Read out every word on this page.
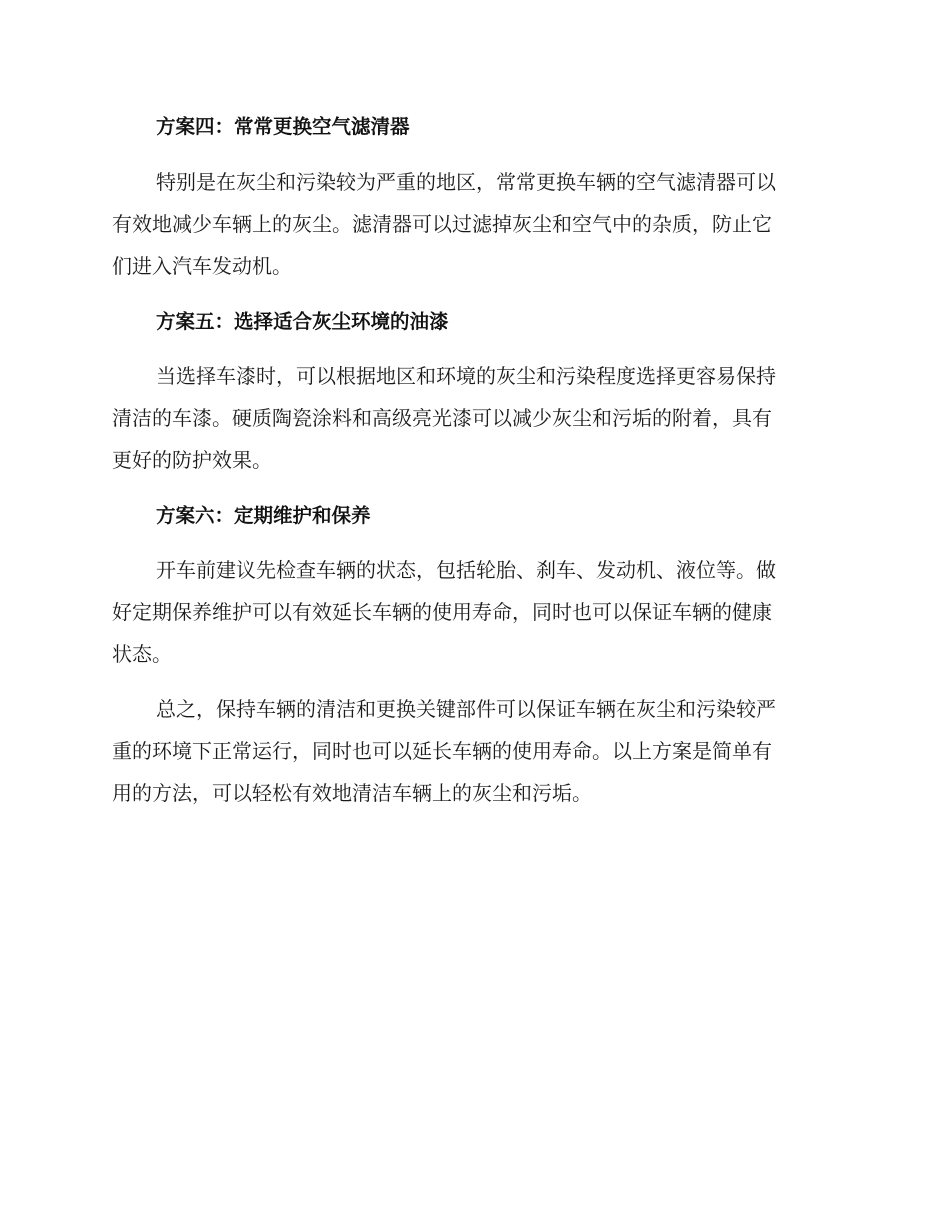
方案四：常常更换空气滤清器
特别是在灰尘和污染较为严重的地区，常常更换车辆的空气滤清器可以
有效地减少车辆上的灰尘。滤清器可以过滤掉灰尘和空气中的杂质，防止它
们进入汽车发动机。
方案五：选择适合灰尘环境的油漆
当选择车漆时，可以根据地区和环境的灰尘和污染程度选择更容易保持
清洁的车漆。硬质陶瓷涂料和高级亮光漆可以减少灰尘和污垢的附着，具有
更好的防护效果。
方案六：定期维护和保养
开车前建议先检查车辆的状态，包括轮胎、刹车、发动机、液位等。做
好定期保养维护可以有效延长车辆的使用寿命，同时也可以保证车辆的健康
状态。
总之，保持车辆的清洁和更换关键部件可以保证车辆在灰尘和污染较严
重的环境下正常运行，同时也可以延长车辆的使用寿命。以上方案是简单有
用的方法，可以轻松有效地清洁车辆上的灰尘和污垢。
